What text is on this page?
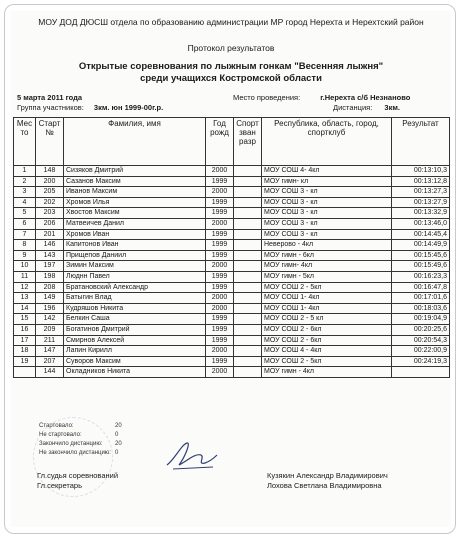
МОУ ДОД ДЮСШ отдела по образованию администрации МР город Нерехта и Нерехтский район
Протокол результатов
Открытые соревнования по лыжным гонкам "Весенняя лыжня"
среди учащихся Костромской области
5 марта 2011 года
Группа участников: 3км. юн 1999-00г.р.
Место проведения:	г.Нерехта с/б Незнаново
Дистанция: 3км.
Мес то	Старт №	Фамилия, имя	Год рожд	Спорт зван разр	Республика, область, город, спортклуб	Результат
1	148	Сизяков Дмитрий	2000		МОУ СОШ 4- 4кл	00:13:10,3
2	200	Сазанов Максим	1999		МОУ гимн- кл	00:13:12,8
3	205	Иванов Максим	2000		МОУ СОШ 3 - кл	00:13:27,3
4	202	Хромов Илья	1999		МОУ СОШ 3 - кл	00:13:27,9
5	203	Хвостов Максим	1999		МОУ СОШ 3 - кл	00:13:32,9
6	206	Матвеичев Данил	2000		МОУ СОШ 3 - кл	00:13:46,0
7	201	Хромов Иван	1999		МОУ СОШ 3 - кл	00:14:45,4
8	146	Капитонов Иван	1999		Неверово - 4кл	00:14:49,9
9	143	Прищепов Даниил	1999		МОУ гимн - 6кл	00:15:45,6
10	197	Зимин Максим	2000		МОУ гимн- 4кл	00:15:49,6
11	198	Люднн Павел	1999		МОУ гимн - 5кл	00:16:23,3
12	208	Братановский Александр	1999		МОУ СОШ 2 - 5кл	00:16:47,8
13	149	Батыгин Влад	2000		МОУ СОШ 1- 4кл	00:17:01,6
14	196	Кудряшов Никита	2000		МОУ СОШ 1- 4кл	00:18:03,6
15	142	Белкин Саша	1999		МОУ СОШ 2 - 5 кл	00:19:04,9
16	209	Богатинов Дмитрий	1999		МОУ СОШ 2 - 6кл	00:20:25,6
17	211	Смирнов Алексей	1999		МОУ СОШ 2 - 6кл	00:20:54,3
18	147	Лапин Кирилл	2000		МОУ СОШ 4 - 4кл	00:22:00,9
19	207	Суворов Максим	1999		МОУ СОШ 2 - 5кл	00:24:19,3
	144	Окладников Никита	2000		МОУ гимн - 4кл	
Стартовало:	20
Не стартовало:	0
Закончило дистанцию: 20
Не закончило дистанцию: 0
Гл.судья соревнований
Гл.секретарь
Кузякин Александр Владимирович
Лохова Светлана Владимировна
